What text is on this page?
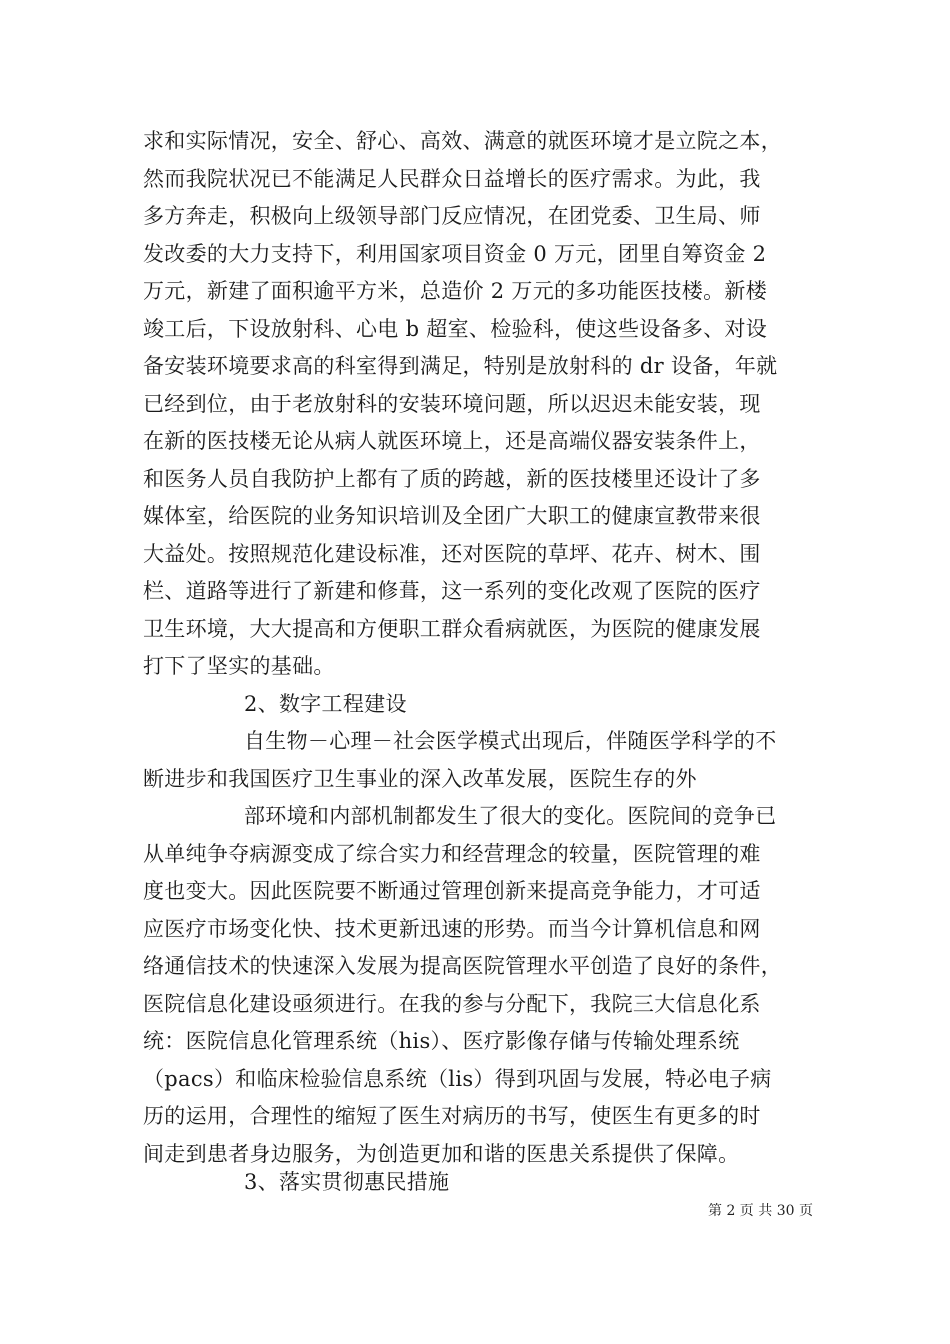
求和实际情况，安全、舒心、高效、满意的就医环境才是立院之本，
然而我院状况已不能满足人民群众日益增长的医疗需求。为此，我
多方奔走，积极向上级领导部门反应情况，在团党委、卫生局、师
发改委的大力支持下，利用国家项目资金 0 万元，团里自筹资金 2
万元，新建了面积逾平方米，总造价 2 万元的多功能医技楼。新楼
竣工后，下设放射科、心电 b 超室、检验科，使这些设备多、对设
备安装环境要求高的科室得到满足，特别是放射科的 dr 设备，年就
已经到位，由于老放射科的安装环境问题，所以迟迟未能安装，现
在新的医技楼无论从病人就医环境上，还是高端仪器安装条件上，
和医务人员自我防护上都有了质的跨越，新的医技楼里还设计了多
媒体室，给医院的业务知识培训及全团广大职工的健康宣教带来很
大益处。按照规范化建设标准，还对医院的草坪、花卉、树木、围
栏、道路等进行了新建和修葺，这一系列的变化改观了医院的医疗
卫生环境，大大提高和方便职工群众看病就医，为医院的健康发展
打下了坚实的基础。
2、数字工程建设
自生物－心理－社会医学模式出现后，伴随医学科学的不
断进步和我国医疗卫生事业的深入改革发展，医院生存的外
部环境和内部机制都发生了很大的变化。医院间的竞争已
从单纯争夺病源变成了综合实力和经营理念的较量，医院管理的难
度也变大。因此医院要不断通过管理创新来提高竞争能力，才可适
应医疗市场变化快、技术更新迅速的形势。而当今计算机信息和网
络通信技术的快速深入发展为提高医院管理水平创造了良好的条件，
医院信息化建设亟须进行。在我的参与分配下，我院三大信息化系
统：医院信息化管理系统（his）、医疗影像存储与传输处理系统
（pacs）和临床检验信息系统（lis）得到巩固与发展，特必电子病
历的运用，合理性的缩短了医生对病历的书写，使医生有更多的时
间走到患者身边服务，为创造更加和谐的医患关系提供了保障。
3、落实贯彻惠民措施
第 2 页 共 30 页
